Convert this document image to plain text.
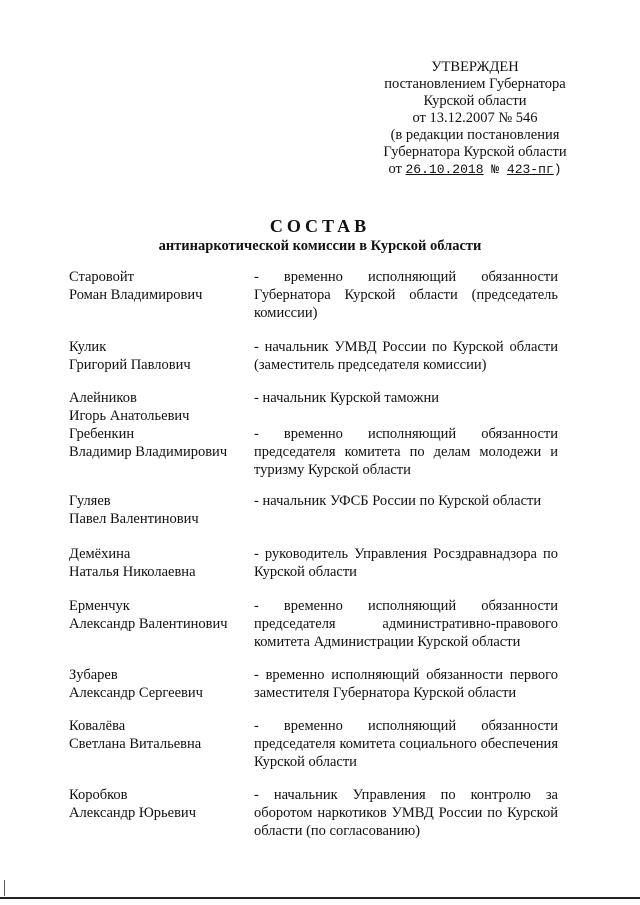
УТВЕРЖДЕН
постановлением Губернатора
Курской области
от 13.12.2007 № 546
(в редакции постановления
Губернатора Курской области
от 26.10.2018 № 423-пг)
СОСТАВ
антинаркотической комиссии в Курской области
Старовойт
Роман Владимирович
- временно исполняющий обязанности Губернатора Курской области (председатель комиссии)
Кулик
Григорий Павлович
- начальник УМВД России по Курской области (заместитель председателя комиссии)
Алейников
Игорь Анатольевич
- начальник Курской таможни
Гребенкин
Владимир Владимирович
- временно исполняющий обязанности председателя комитета по делам молодежи и туризму Курской области
Гуляев
Павел Валентинович
- начальник УФСБ России по Курской области
Демёхина
Наталья Николаевна
- руководитель Управления Росздравнадзора по Курской области
Ерменчук
Александр Валентинович
- временно исполняющий обязанности председателя административно-правового комитета Администрации Курской области
Зубарев
Александр Сергеевич
- временно исполняющий обязанности первого заместителя Губернатора Курской области
Ковалёва
Светлана Витальевна
- временно исполняющий обязанности председателя комитета социального обеспечения Курской области
Коробков
Александр Юрьевич
- начальник Управления по контролю за оборотом наркотиков УМВД России по Курской области (по согласованию)
